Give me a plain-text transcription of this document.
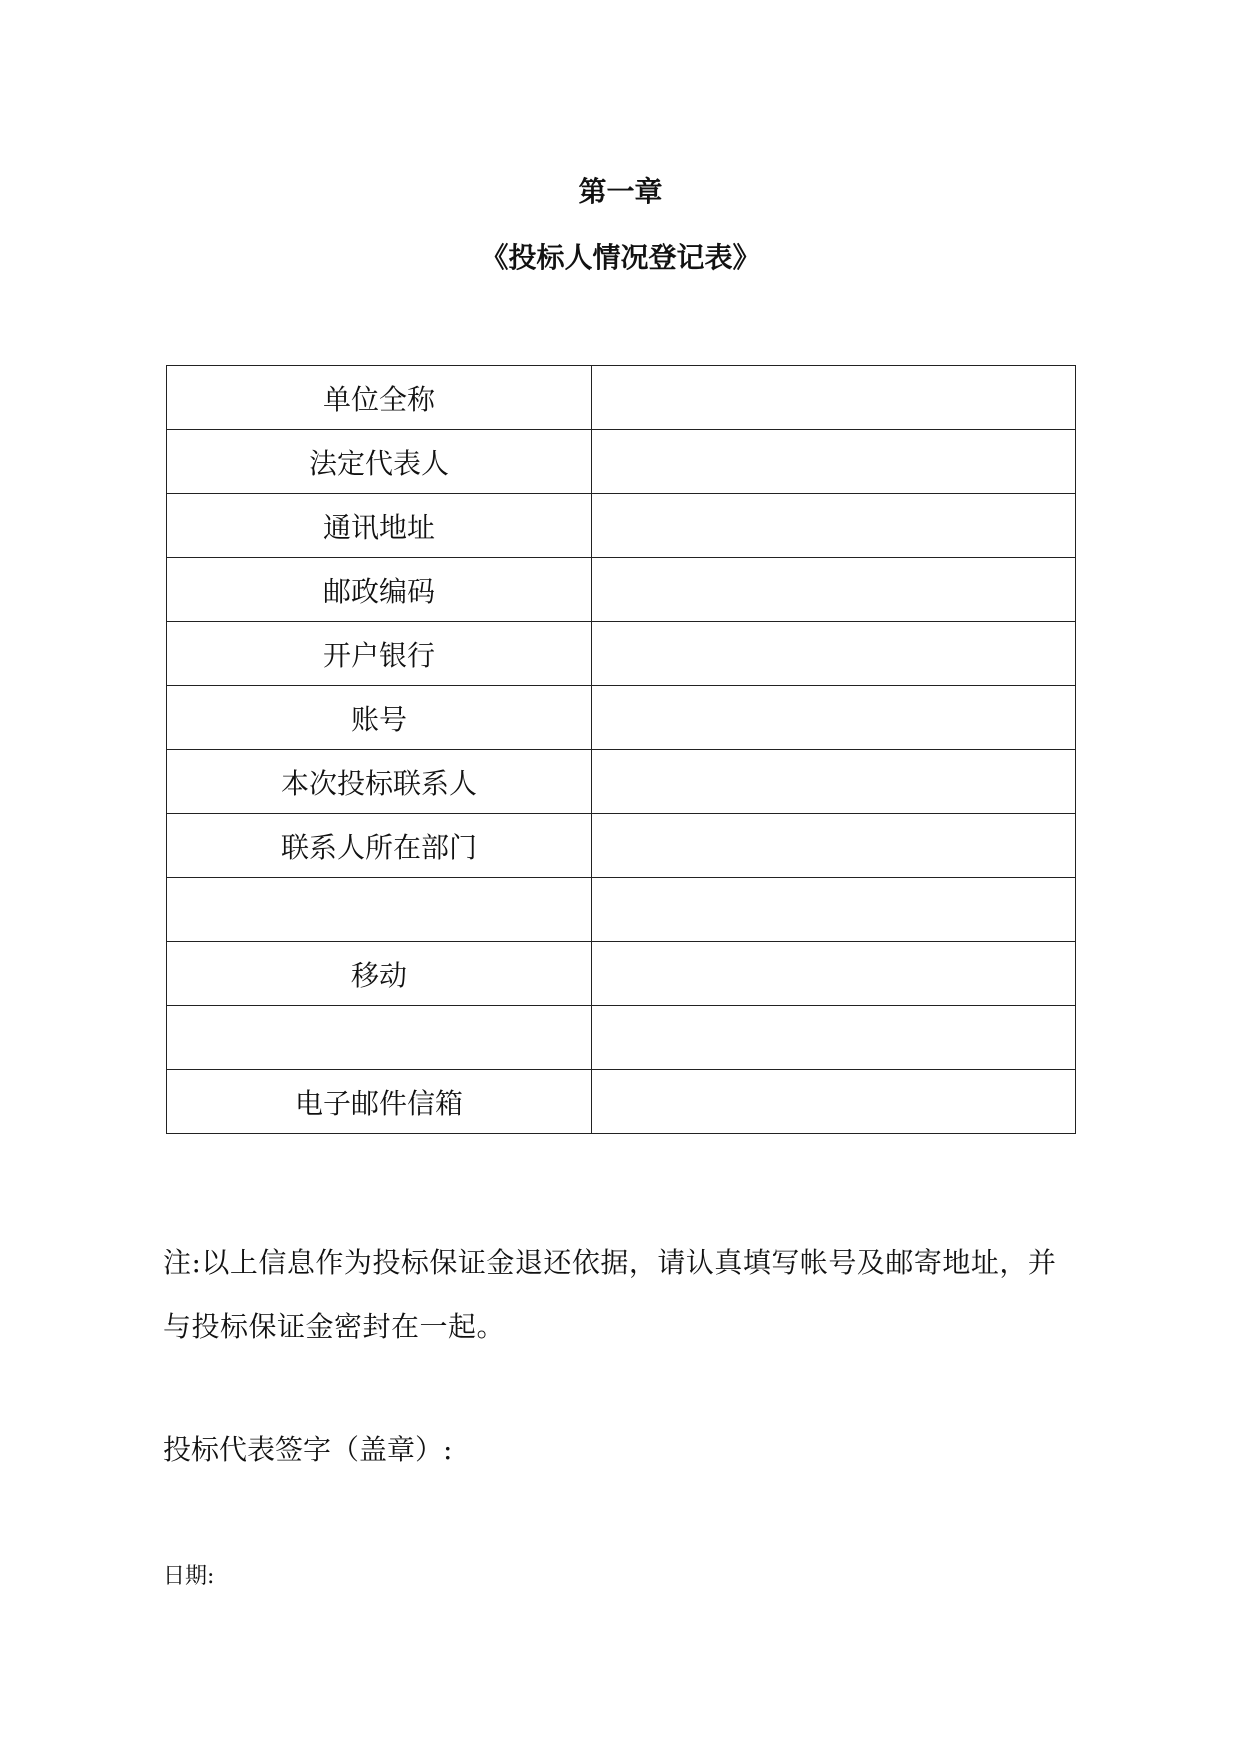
第一章
《投标人情况登记表》
单位全称	
法定代表人	
通讯地址	
邮政编码	
开户银行	
账号	
本次投标联系人	
联系人所在部门	

移动	

电子邮件信箱	
注:以上信息作为投标保证金退还依据，请认真填写帐号及邮寄地址，并与投标保证金密封在一起。
投标代表签字（盖章）:
日期:
